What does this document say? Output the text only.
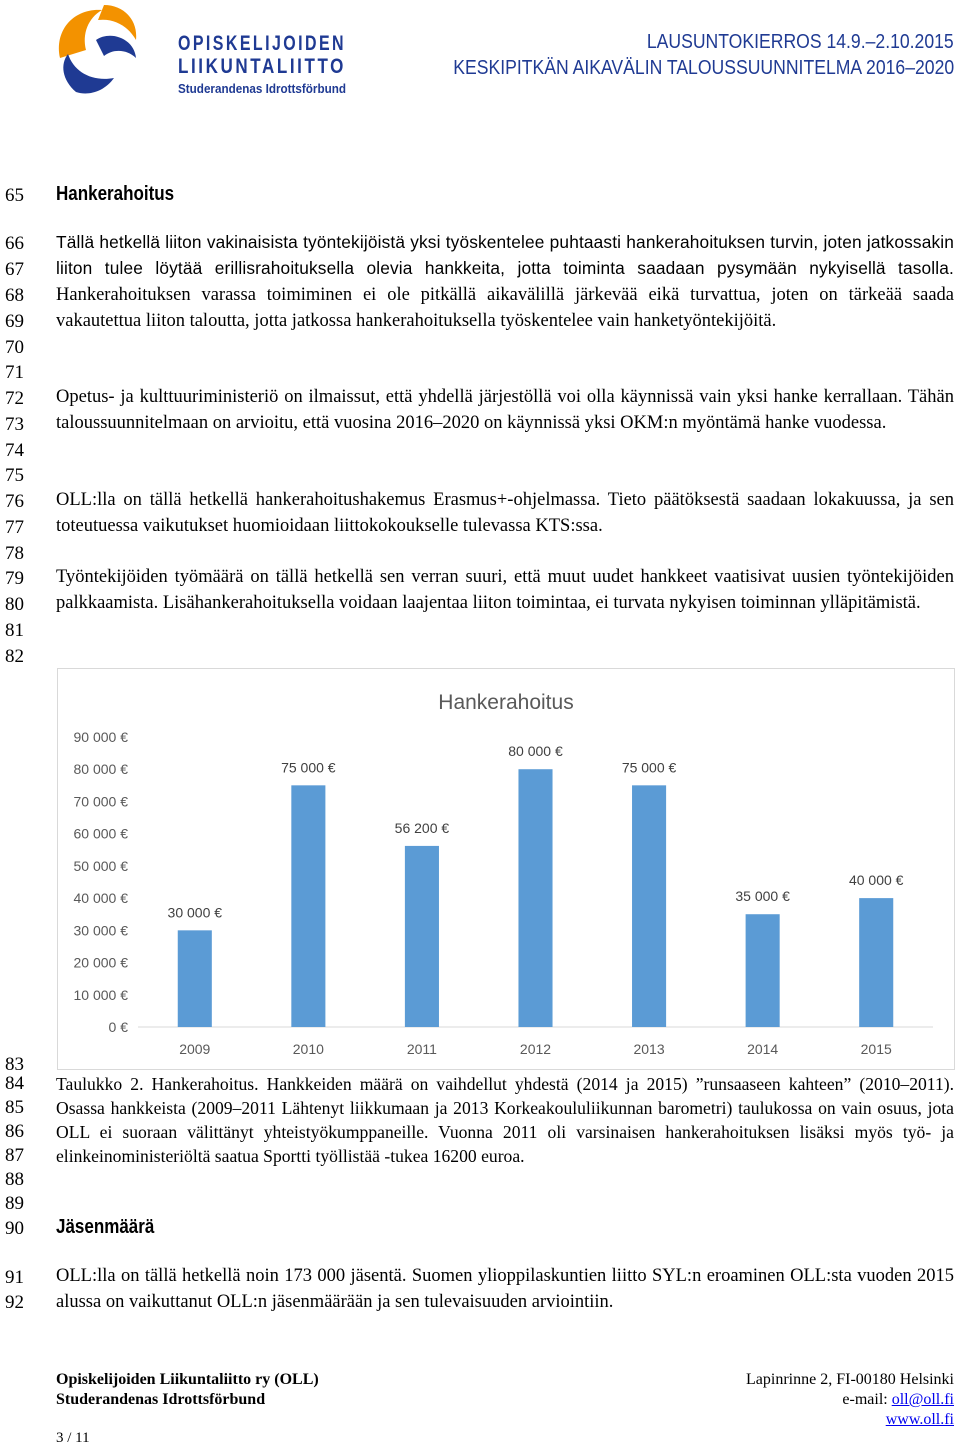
OPISKELIJOIDEN
LIIKUNTALIITTO
Studerandenas Idrottsförbund
LAUSUNTOKIERROS 14.9.–2.10.2015
KESKIPITKÄN AIKAVÄLIN TALOUSSUUNNITELMA 2016–2020
65
66
67
68
69
70
71
72
73
74
75
76
77
78
79
80
81
82
83
84
85
86
87
88
89
90
91
92
Hankerahoitus
Tällä hetkellä liiton vakinaisista työntekijöistä yksi työskentelee puhtaasti hankerahoituksen turvin, joten jatkossakin liiton tulee löytää erillisrahoituksella olevia hankkeita, jotta toiminta saadaan pysymään nykyisellä tasolla. Hankerahoituksen varassa toimiminen ei ole pitkällä aikavälillä järkevää eikä turvattua, joten on tärkeää saada vakautettua liiton taloutta, jotta jatkossa hankerahoituksella työskentelee vain hanketyöntekijöitä.
Opetus- ja kulttuuriministeriö on ilmaissut, että yhdellä järjestöllä voi olla käynnissä vain yksi hanke kerrallaan. Tähän taloussuunnitelmaan on arvioitu, että vuosina 2016–2020 on käynnissä yksi OKM:n myöntämä hanke vuodessa.
OLL:lla on tällä hetkellä hankerahoitushakemus Erasmus+-ohjelmassa. Tieto päätöksestä saadaan lokakuussa, ja sen toteutuessa vaikutukset huomioidaan liittokokoukselle tulevassa KTS:ssa.
Työntekijöiden työmäärä on tällä hetkellä sen verran suuri, että muut uudet hankkeet vaatisivat uusien työntekijöiden palkkaamista. Lisähankerahoituksella voidaan laajentaa liiton toimintaa, ei turvata nykyisen toiminnan ylläpitämistä.
Hankerahoitus
0 €
10 000 €
20 000 €
30 000 €
40 000 €
50 000 €
60 000 €
70 000 €
80 000 €
90 000 €
30 000 €
75 000 €
56 200 €
80 000 €
75 000 €
35 000 €
40 000 €
2009	2010	2011	2012	2013	2014	2015
Taulukko 2. Hankerahoitus. Hankkeiden määrä on vaihdellut yhdestä (2014 ja 2015) ”runsaaseen kahteen” (2010–2011). Osassa hankkeista (2009–2011 Lähtenyt liikkumaan ja 2013 Korkeakoululiikunnan barometri) taulukossa on vain osuus, jota OLL ei suoraan välittänyt yhteistyökumppaneille. Vuonna 2011 oli varsinaisen hankerahoituksen lisäksi myös työ- ja elinkeinoministeriöltä saatua Sportti työllistää -tukea 16200 euroa.
Jäsenmäärä
OLL:lla on tällä hetkellä noin 173 000 jäsentä. Suomen ylioppilaskuntien liitto SYL:n eroaminen OLL:sta vuoden 2015 alussa on vaikuttanut OLL:n jäsenmäärään ja sen tulevaisuuden arviointiin.
Opiskelijoiden Liikuntaliitto ry (OLL)
Studerandenas Idrottsförbund
3 / 11
Lapinrinne 2, FI-00180 Helsinki
e-mail: oll@oll.fi
www.oll.fi
